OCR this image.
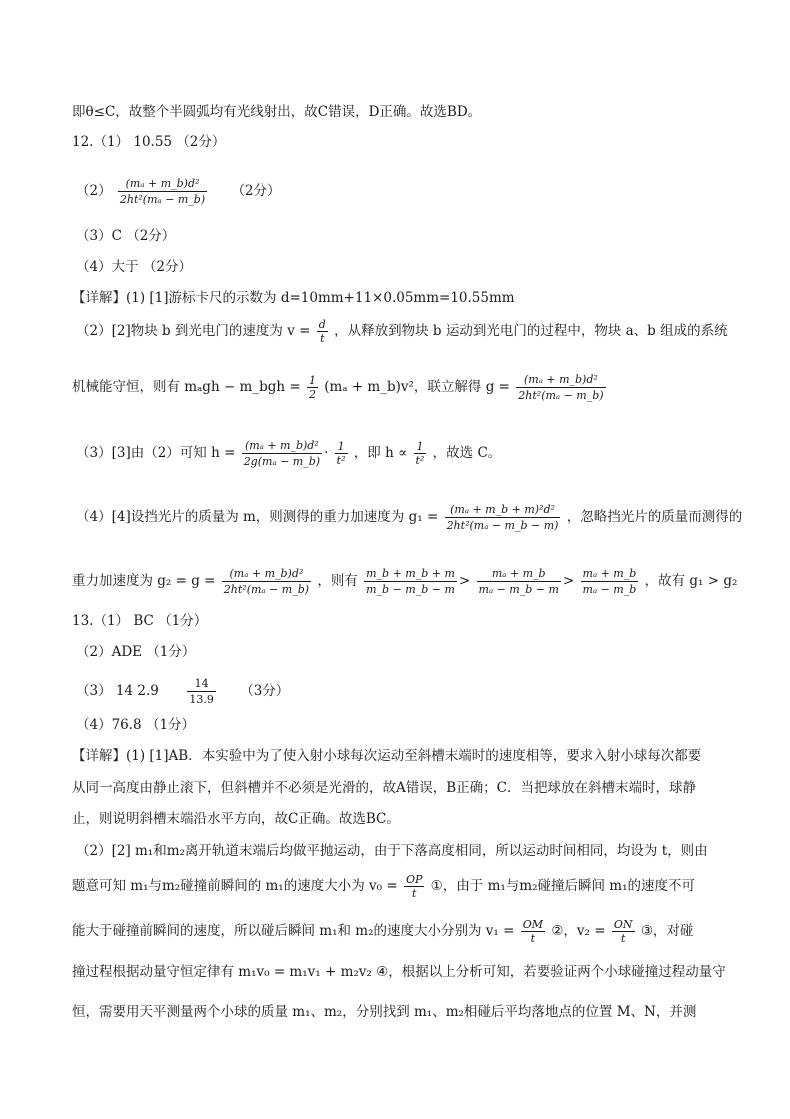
即θ≤C，故整个半圆弧均有光线射出，故C错误，D正确。故选BD。
12.（1） 10.55 （2分）
$(2) \frac{\text{(mₐ + m\_b)d²}}{\text{2ht²(mₐ − m\_b)}} (2$分）
（3）C （2分）
（4）大于 （2分）
【详解】(1) [1]游标卡尺的示数为 d=10mm+11×0.05mm=10.55mm
（2）[2]物块 b 到光电门的速度为 $v = \frac{d}{t}$ ，从释放到物块 b 运动到光电门的过程中，物块 a、b 组成的系统
机械能守恒，则有 mₐgh − m_bgh = $\frac{1}{2} (m_a$ + m_b)v²，联立解得 $g = \frac{\text{(mₐ + m\_b)d²}}{\text{2ht²(mₐ − m\_b)}}$
（3）[3]由（2）可知 $h = \frac{\text{(mₐ + m\_b)d²}}{\text{2g(mₐ − m\_b)}} \cdot \frac{1}{\text{t²}}$ ，即 $h \propto \frac{1}{\text{t²}}$ ，故选 C。
（4）[4]设挡光片的质量为 m，则测得的重力加速度为 $g_1 = \frac{\text{(mₐ + m\_b + m)²d²}}{\text{2ht²(mₐ − m\_b − m)}}$ ，忽略挡光片的质量而测得的
重力加速度为 $g_2 = g = \frac{\text{(mₐ + m\_b)d²}}{\text{2ht²(mₐ − m\_b)}}$ ，则有 $\frac{m\_b + m\_b + m}{m\_b - m\_b - m} > \frac{\text{mₐ + m\_b}}{\text{mₐ − m\_b − m}} > \frac{\text{mₐ + m\_b}}{\text{mₐ − m\_b}}$ ，故有 g₁ > g₂
13.（1） BC （1分）
（2）ADE （1分）
（3） 14 2.9	$\frac{14}{13.9} (3$分）
（4）76.8 （1分）
【详解】(1) [1]AB．本实验中为了使入射小球每次运动至斜槽末端时的速度相等，要求入射小球每次都要
从同一高度由静止滚下，但斜槽并不必须是光滑的，故A错误，B正确；C．当把球放在斜槽末端时，球静
止，则说明斜槽末端沿水平方向，故C正确。故选BC。
（2）[2] m₁和m₂离开轨道末端后均做平抛运动，由于下落高度相同，所以运动时间相同，均设为 t，则由
题意可知 m₁与m₂碰撞前瞬间的 m₁的速度大小为 $v_0 = \frac{OP}{t}$ ①，由于 m₁与m₂碰撞后瞬间 m₁的速度不可
能大于碰撞前瞬间的速度，所以碰后瞬间 m₁和 m₂的速度大小分别为 $v_1 = \frac{OM}{t}$ ②，$v_2 = \frac{ON}{t}$ ③，对碰
撞过程根据动量守恒定律有 m₁v₀ = m₁v₁ + m₂v₂ ④，根据以上分析可知，若要验证两个小球碰撞过程动量守
恒，需要用天平测量两个小球的质量 m₁、m₂，分别找到 m₁、m₂相碰后平均落地点的位置 M、N，并测
